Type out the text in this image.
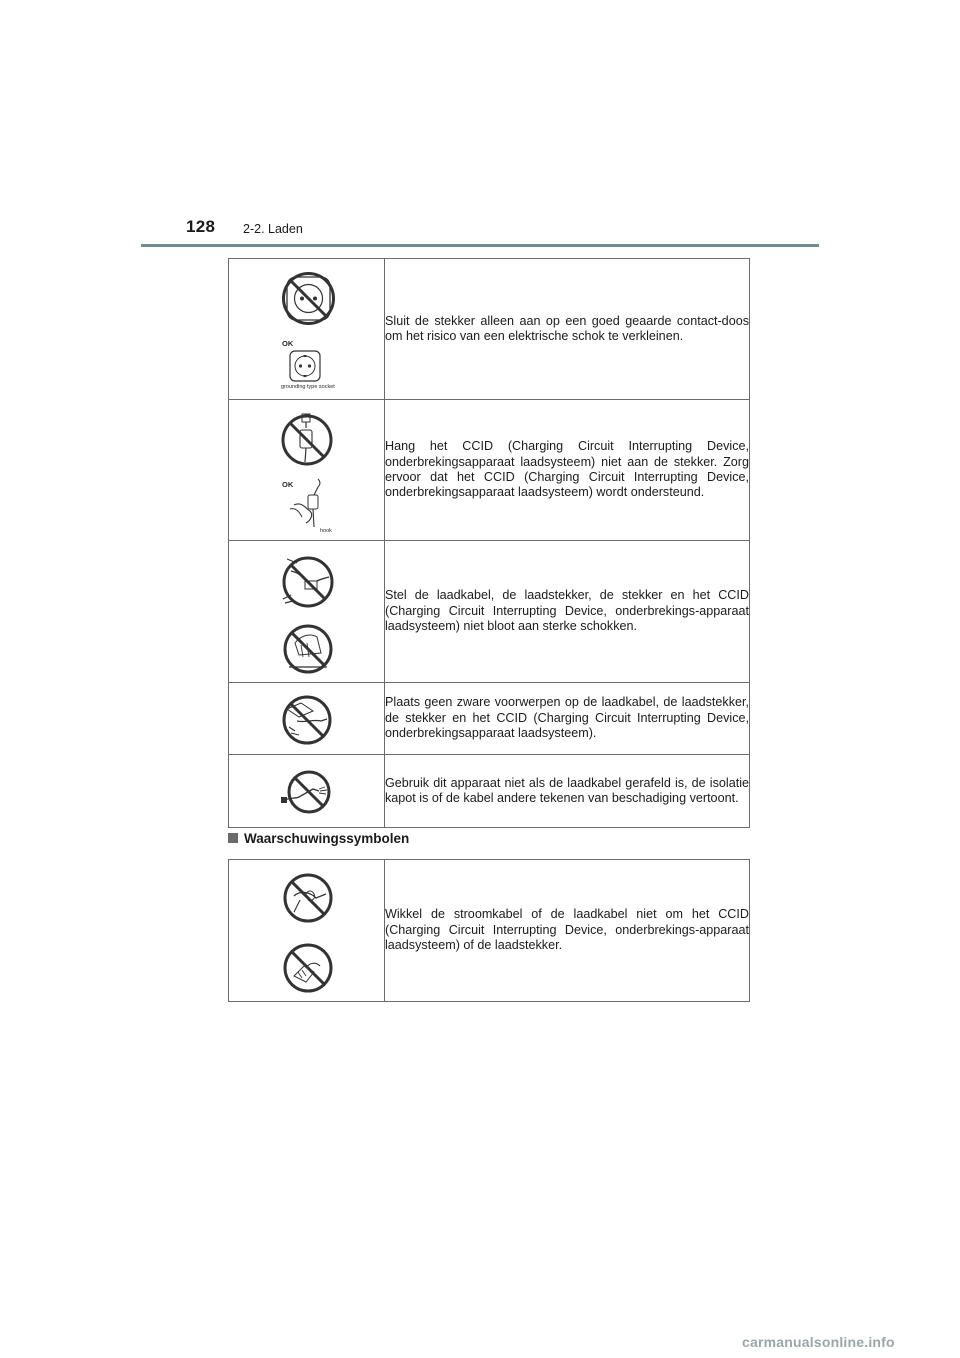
128 2-2. Laden
OK
grounding type socket	Sluit de stekker alleen aan op een goed geaarde contact-doos om het risico van een elektrische schok te verkleinen.

OK
hook	Hang het CCID (Charging Circuit Interrupting Device, onderbrekingsapparaat laadsysteem) niet aan de stekker. Zorg ervoor dat het CCID (Charging Circuit Interrupting Device, onderbrekingsapparaat laadsysteem) wordt ondersteund.

	Stel de laadkabel, de laadstekker, de stekker en het CCID (Charging Circuit Interrupting Device, onderbrekings-apparaat laadsysteem) niet bloot aan sterke schokken.

	Plaats geen zware voorwerpen op de laadkabel, de laadstekker, de stekker en het CCID (Charging Circuit Interrupting Device, onderbrekingsapparaat laadsysteem).

	Gebruik dit apparaat niet als de laadkabel gerafeld is, de isolatie kapot is of de kabel andere tekenen van beschadiging vertoont.
Waarschuwingssymbolen
	Wikkel de stroomkabel of de laadkabel niet om het CCID (Charging Circuit Interrupting Device, onderbrekings-apparaat laadsysteem) of de laadstekker.
carmanualsonline.info
